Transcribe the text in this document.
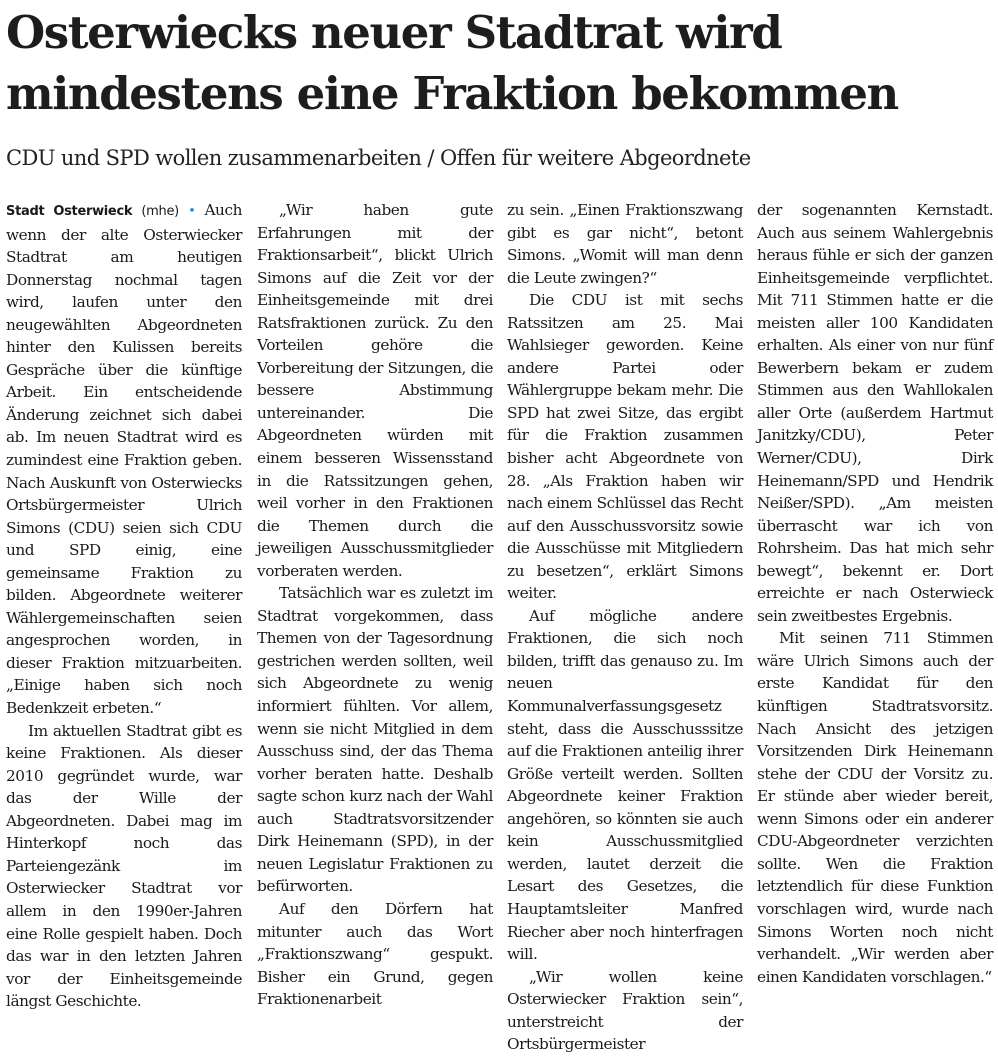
Osterwiecks neuer Stadtrat wird mindestens eine Fraktion bekommen
CDU und SPD wollen zusammenarbeiten / Offen für weitere Abgeordnete

Stadt Osterwieck (mhe) • Auch wenn der alte Osterwiecker Stadtrat am heutigen Donnerstag nochmal tagen wird, laufen unter den neugewählten Abgeordneten hinter den Kulissen bereits Gespräche über die künftige Arbeit. Ein entscheidende Änderung zeichnet sich dabei ab. Im neuen Stadtrat wird es zumindest eine Fraktion geben. Nach Auskunft von Osterwiecks Ortsbürgermeister Ulrich Simons (CDU) seien sich CDU und SPD einig, eine gemeinsame Fraktion zu bilden. Abgeordnete weiterer Wählergemeinschaften seien angesprochen worden, in dieser Fraktion mitzuarbeiten. „Einige haben sich noch Bedenkzeit erbeten.“

Im aktuellen Stadtrat gibt es keine Fraktionen. Als dieser 2010 gegründet wurde, war das der Wille der Abgeordneten. Dabei mag im Hinterkopf noch das Parteiengezänk im Osterwiecker Stadtrat vor allem in den 1990er-Jahren eine Rolle gespielt haben. Doch das war in den letzten Jahren vor der Einheitsgemeinde längst Geschichte.

„Wir haben gute Erfahrungen mit der Fraktionsarbeit“, blickt Ulrich Simons auf die Zeit vor der Einheitsgemeinde mit drei Ratsfraktionen zurück. Zu den Vorteilen gehöre die Vorbereitung der Sitzungen, die bessere Abstimmung untereinander. Die Abgeordneten würden mit einem besseren Wissensstand in die Ratssitzungen gehen, weil vorher in den Fraktionen die Themen durch die jeweiligen Ausschussmitglieder vorberaten werden.

Tatsächlich war es zuletzt im Stadtrat vorgekommen, dass Themen von der Tagesordnung gestrichen werden sollten, weil sich Abgeordnete zu wenig informiert fühlten. Vor allem, wenn sie nicht Mitglied in dem Ausschuss sind, der das Thema vorher beraten hatte. Deshalb sagte schon kurz nach der Wahl auch Stadtratsvorsitzender Dirk Heinemann (SPD), in der neuen Legislatur Fraktionen zu befürworten.

Auf den Dörfern hat mitunter auch das Wort „Fraktionszwang“ gespukt. Bisher ein Grund, gegen Fraktionenarbeit

zu sein. „Einen Fraktionszwang gibt es gar nicht“, betont Simons. „Womit will man denn die Leute zwingen?“

Die CDU ist mit sechs Ratssitzen am 25. Mai Wahlsieger geworden. Keine andere Partei oder Wählergruppe bekam mehr. Die SPD hat zwei Sitze, das ergibt für die Fraktion zusammen bisher acht Abgeordnete von 28. „Als Fraktion haben wir nach einem Schlüssel das Recht auf den Ausschussvorsitz sowie die Ausschüsse mit Mitgliedern zu besetzen“, erklärt Simons weiter.

Auf mögliche andere Fraktionen, die sich noch bilden, trifft das genauso zu. Im neuen Kommunalverfassungsgesetz steht, dass die Ausschusssitze auf die Fraktionen anteilig ihrer Größe verteilt werden. Sollten Abgeordnete keiner Fraktion angehören, so könnten sie auch kein Ausschussmitglied werden, lautet derzeit die Lesart des Gesetzes, die Hauptamtsleiter Manfred Riecher aber noch hinterfragen will.

„Wir wollen keine Osterwiecker Fraktion sein“, unterstreicht der Ortsbürgermeister

der sogenannten Kernstadt. Auch aus seinem Wahlergebnis heraus fühle er sich der ganzen Einheitsgemeinde verpflichtet. Mit 711 Stimmen hatte er die meisten aller 100 Kandidaten erhalten. Als einer von nur fünf Bewerbern bekam er zudem Stimmen aus den Wahllokalen aller Orte (außerdem Hartmut Janitzky/CDU), Peter Werner/CDU), Dirk Heinemann/SPD und Hendrik Neißer/SPD). „Am meisten überrascht war ich von Rohrsheim. Das hat mich sehr bewegt“, bekennt er. Dort erreichte er nach Osterwieck sein zweitbestes Ergebnis.

Mit seinen 711 Stimmen wäre Ulrich Simons auch der erste Kandidat für den künftigen Stadtratsvorsitz. Nach Ansicht des jetzigen Vorsitzenden Dirk Heinemann stehe der CDU der Vorsitz zu. Er stünde aber wieder bereit, wenn Simons oder ein anderer CDU-Abgeordneter verzichten sollte. Wen die Fraktion letztendlich für diese Funktion vorschlagen wird, wurde nach Simons Worten noch nicht verhandelt. „Wir werden aber einen Kandidaten vorschlagen.“
